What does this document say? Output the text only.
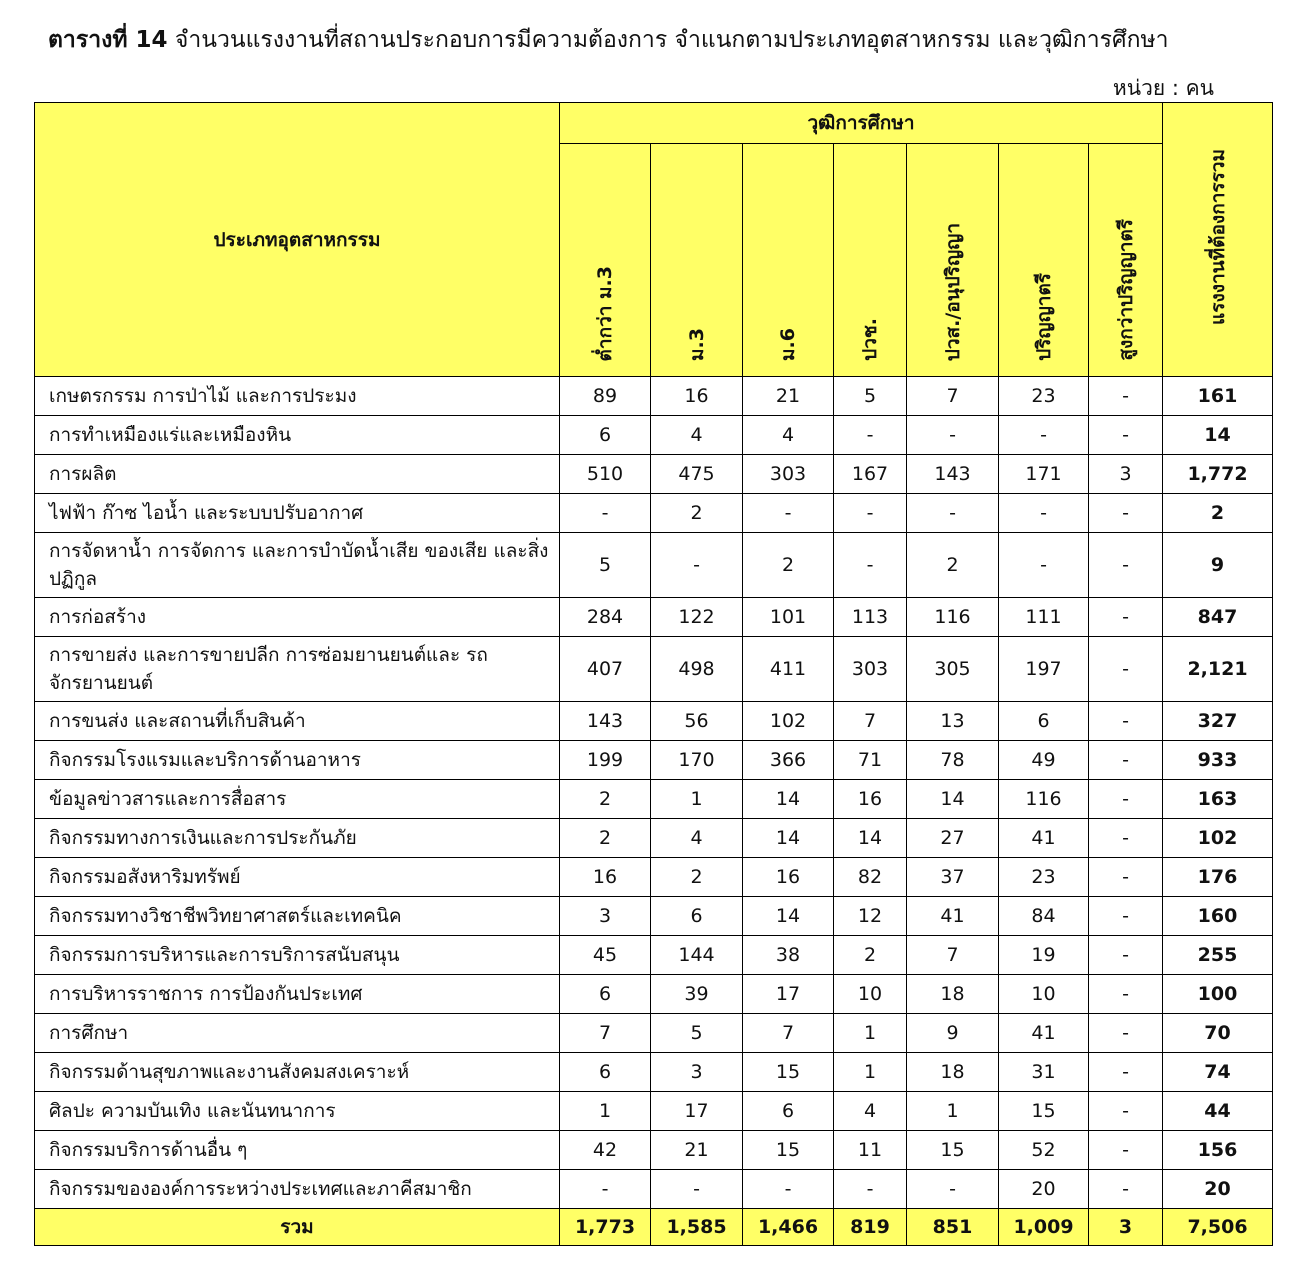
ตารางที่ 14 จำนวนแรงงานที่สถานประกอบการมีความต้องการ จำแนกตามประเภทอุตสาหกรรม และวุฒิการศึกษา
หน่วย : คน
ประเภทอุตสาหกรรม	วุฒิการศึกษา							แรงงานที่ต้องการรวม
	ต่ำกว่า ม.3	ม.3	ม.6	ปวช.	ปวส./อนุปริญญา	ปริญญาตรี	สูงกว่าปริญญาตรี	
เกษตรกรรม การป่าไม้ และการประมง	89	16	21	5	7	23	-	161
การทำเหมืองแร่และเหมืองหิน	6	4	4	-	-	-	-	14
การผลิต	510	475	303	167	143	171	3	1,772
ไฟฟ้า ก๊าซ ไอน้ำ และระบบปรับอากาศ	-	2	-	-	-	-	-	2
การจัดหาน้ำ การจัดการ และการบำบัดน้ำเสีย ของเสีย และสิ่งปฏิกูล	5	-	2	-	2	-	-	9
การก่อสร้าง	284	122	101	113	116	111	-	847
การขายส่ง และการขายปลีก การซ่อมยานยนต์และ รถจักรยานยนต์	407	498	411	303	305	197	-	2,121
การขนส่ง และสถานที่เก็บสินค้า	143	56	102	7	13	6	-	327
กิจกรรมโรงแรมและบริการด้านอาหาร	199	170	366	71	78	49	-	933
ข้อมูลข่าวสารและการสื่อสาร	2	1	14	16	14	116	-	163
กิจกรรมทางการเงินและการประกันภัย	2	4	14	14	27	41	-	102
กิจกรรมอสังหาริมทรัพย์	16	2	16	82	37	23	-	176
กิจกรรมทางวิชาชีพวิทยาศาสตร์และเทคนิค	3	6	14	12	41	84	-	160
กิจกรรมการบริหารและการบริการสนับสนุน	45	144	38	2	7	19	-	255
การบริหารราชการ การป้องกันประเทศ	6	39	17	10	18	10	-	100
การศึกษา	7	5	7	1	9	41	-	70
กิจกรรมด้านสุขภาพและงานสังคมสงเคราะห์	6	3	15	1	18	31	-	74
ศิลปะ ความบันเทิง และนันทนาการ	1	17	6	4	1	15	-	44
กิจกรรมบริการด้านอื่น ๆ	42	21	15	11	15	52	-	156
กิจกรรมขององค์การระหว่างประเทศและภาคีสมาชิก	-	-	-	-	-	20	-	20
รวม	1,773	1,585	1,466	819	851	1,009	3	7,506
